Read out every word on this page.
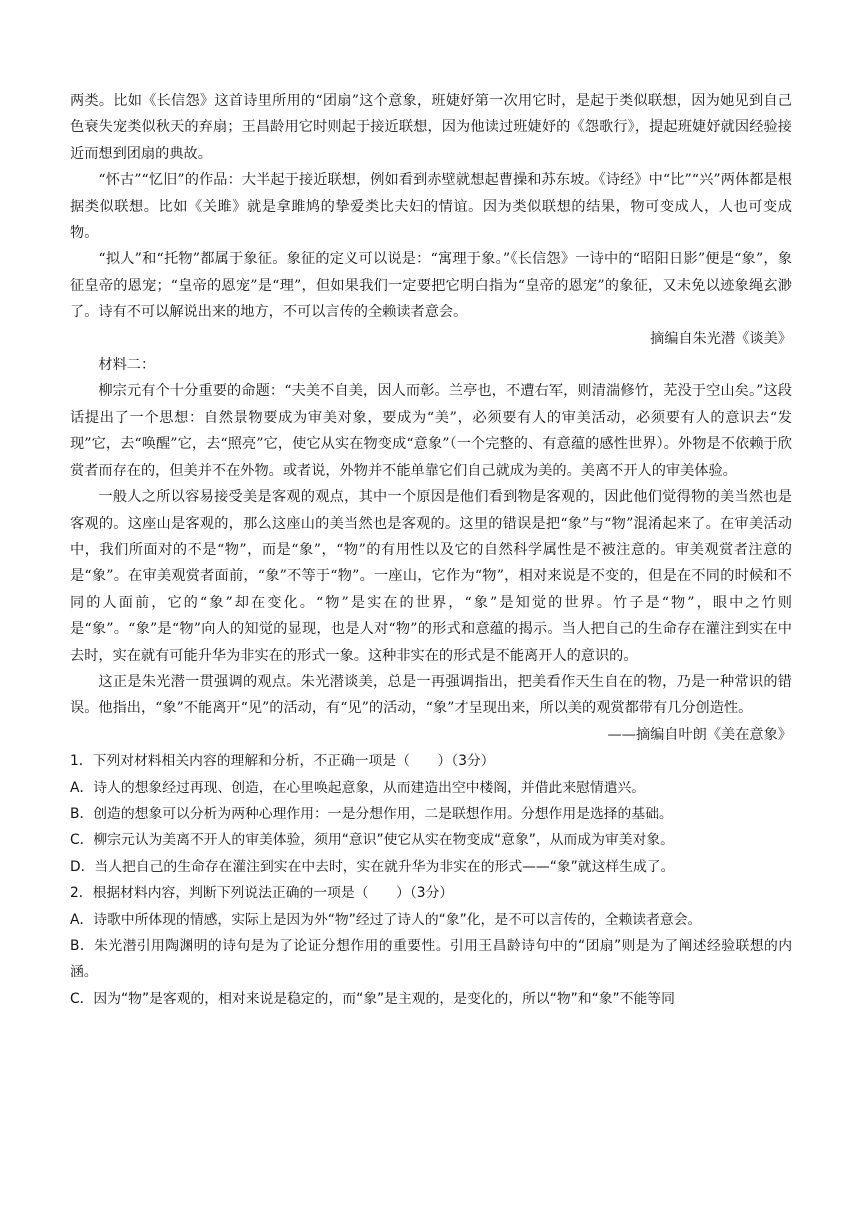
两类。比如《长信怨》这首诗里所用的“团扇”这个意象，班婕妤第一次用它时，是起于类似联想，因为她见到自己色衰失宠类似秋天的弃扇；王昌龄用它时则起于接近联想，因为他读过班婕妤的《怨歌行》，提起班婕妤就因经验接近而想到团扇的典故。

“怀古”“忆旧”的作品：大半起于接近联想，例如看到赤壁就想起曹操和苏东坡。《诗经》中“比”“兴”两体都是根据类似联想。比如《关雎》就是拿雎鸠的挚爱类比夫妇的情谊。因为类似联想的结果，物可变成人，人也可变成物。

“拟人”和“托物”都属于象征。象征的定义可以说是：“寓理于象。”《长信怨》一诗中的“昭阳日影”便是“象”，象征皇帝的恩宠；“皇帝的恩宠”是“理”，但如果我们一定要把它明白指为“皇帝的恩宠”的象征，又未免以迹象绳玄渺了。诗有不可以解说出来的地方，不可以言传的全赖读者意会。

摘编自朱光潜《谈美》

材料二：

柳宗元有个十分重要的命题：“夫美不自美，因人而彰。兰亭也，不遭右军，则清湍修竹，芜没于空山矣。”这段话提出了一个思想：自然景物要成为审美对象，要成为“美”，必须要有人的审美活动，必须要有人的意识去“发现”它，去“唤醒”它，去“照亮”它，使它从实在物变成“意象”（一个完整的、有意蕴的感性世界）。外物是不依赖于欣赏者而存在的，但美并不在外物。或者说，外物并不能单靠它们自己就成为美的。美离不开人的审美体验。

一般人之所以容易接受美是客观的观点，其中一个原因是他们看到物是客观的，因此他们觉得物的美当然也是客观的。这座山是客观的，那么这座山的美当然也是客观的。这里的错误是把“象”与“物”混淆起来了。在审美活动中，我们所面对的不是“物”，而是“象”，“物”的有用性以及它的自然科学属性是不被注意的。审美观赏者注意的是“象”。在审美观赏者面前，“象”不等于“物”。一座山，它作为“物”，相对来说是不变的，但是在不同的时候和不同的人面前，它的“象”却在变化。“物”是实在的世界，“象”是知觉的世界。竹子是“物”，眼中之竹则是“象”。“象”是“物”向人的知觉的显现，也是人对“物”的形式和意蕴的揭示。当人把自己的生命存在灌注到实在中去时，实在就有可能升华为非实在的形式一象。这种非实在的形式是不能离开人的意识的。

这正是朱光潜一贯强调的观点。朱光潜谈美，总是一再强调指出，把美看作天生自在的物，乃是一种常识的错误。他指出，“象”不能离开“见”的活动，有“见”的活动，“象”才呈现出来，所以美的观赏都带有几分创造性。

——摘编自叶朗《美在意象》

1．下列对材料相关内容的理解和分析，不正确一项是（　　）（3分）

A．诗人的想象经过再现、创造，在心里唤起意象，从而建造出空中楼阁，并借此来慰情遣兴。

B．创造的想象可以分析为两种心理作用：一是分想作用，二是联想作用。分想作用是选择的基础。

C．柳宗元认为美离不开人的审美体验，须用“意识”使它从实在物变成“意象”，从而成为审美对象。

D．当人把自己的生命存在灌注到实在中去时，实在就升华为非实在的形式——“象”就这样生成了。

2．根据材料内容，判断下列说法正确的一项是（　　）（3分）

A．诗歌中所体现的情感，实际上是因为外“物”经过了诗人的“象”化，是不可以言传的，全赖读者意会。

B．朱光潜引用陶渊明的诗句是为了论证分想作用的重要性。引用王昌龄诗句中的“团扇”则是为了阐述经验联想的内涵。

C．因为“物”是客观的，相对来说是稳定的，而“象”是主观的，是变化的，所以“物”和“象”不能等同
